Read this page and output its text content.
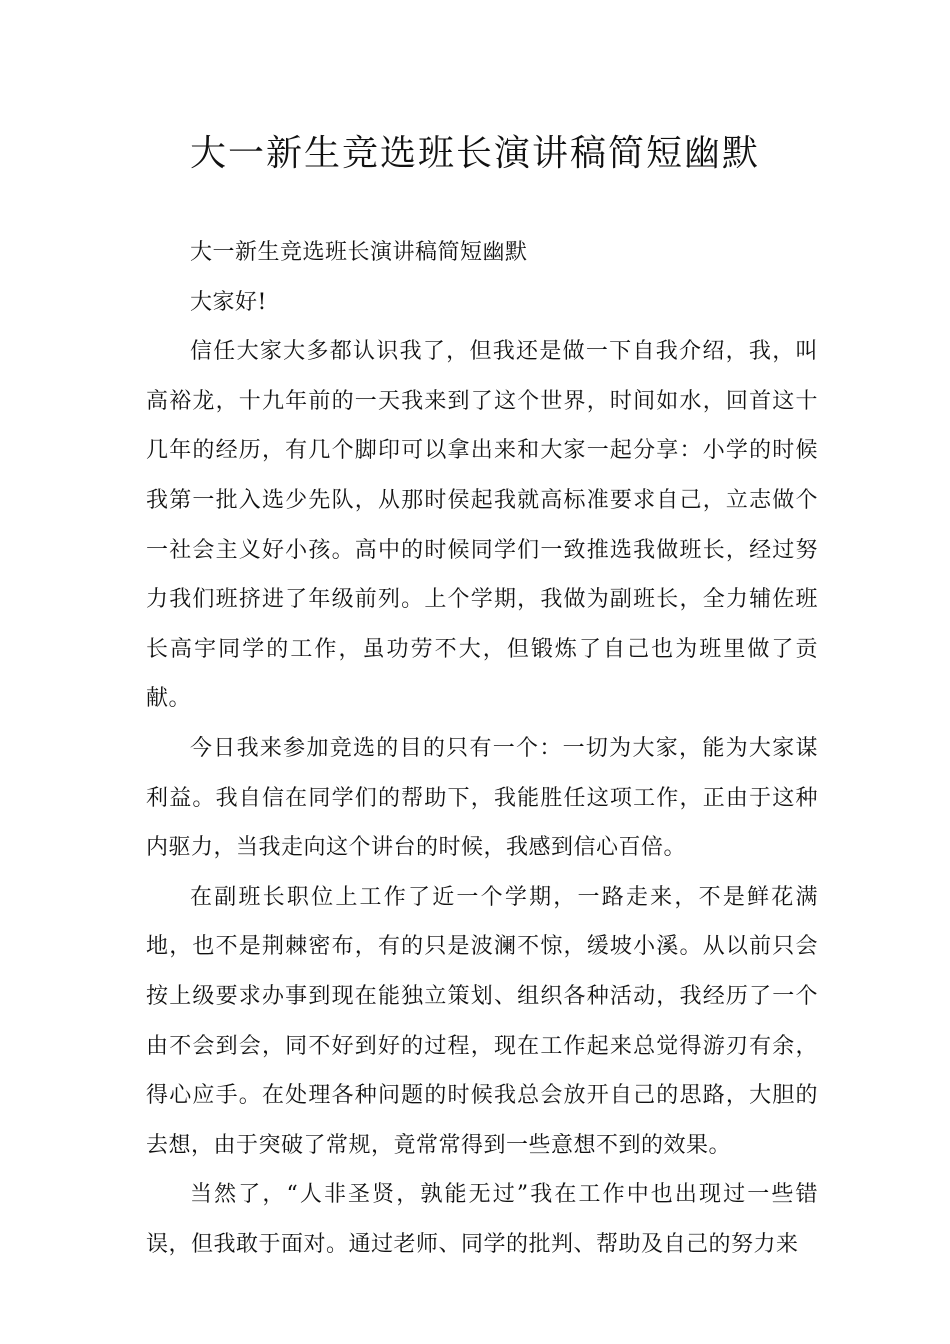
大一新生竞选班长演讲稿简短幽默

大一新生竞选班长演讲稿简短幽默

大家好!

信任大家大多都认识我了，但我还是做一下自我介绍，我，叫高裕龙，十九年前的一天我来到了这个世界，时间如水，回首这十几年的经历，有几个脚印可以拿出来和大家一起分享：小学的时候我第一批入选少先队，从那时侯起我就高标准要求自己，立志做个一社会主义好小孩。高中的时候同学们一致推选我做班长，经过努力我们班挤进了年级前列。上个学期，我做为副班长，全力辅佐班长高宇同学的工作，虽功劳不大，但锻炼了自己也为班里做了贡献。

今日我来参加竞选的目的只有一个：一切为大家，能为大家谋利益。我自信在同学们的帮助下，我能胜任这项工作，正由于这种内驱力，当我走向这个讲台的时候，我感到信心百倍。

在副班长职位上工作了近一个学期，一路走来，不是鲜花满地，也不是荆棘密布，有的只是波澜不惊，缓坡小溪。从以前只会按上级要求办事到现在能独立策划、组织各种活动，我经历了一个由不会到会，同不好到好的过程，现在工作起来总觉得游刃有余，得心应手。在处理各种问题的时候我总会放开自己的思路，大胆的去想，由于突破了常规，竟常常得到一些意想不到的效果。

当然了，“人非圣贤，孰能无过”我在工作中也出现过一些错误，但我敢于面对。通过老师、同学的批判、帮助及自己的努力来
